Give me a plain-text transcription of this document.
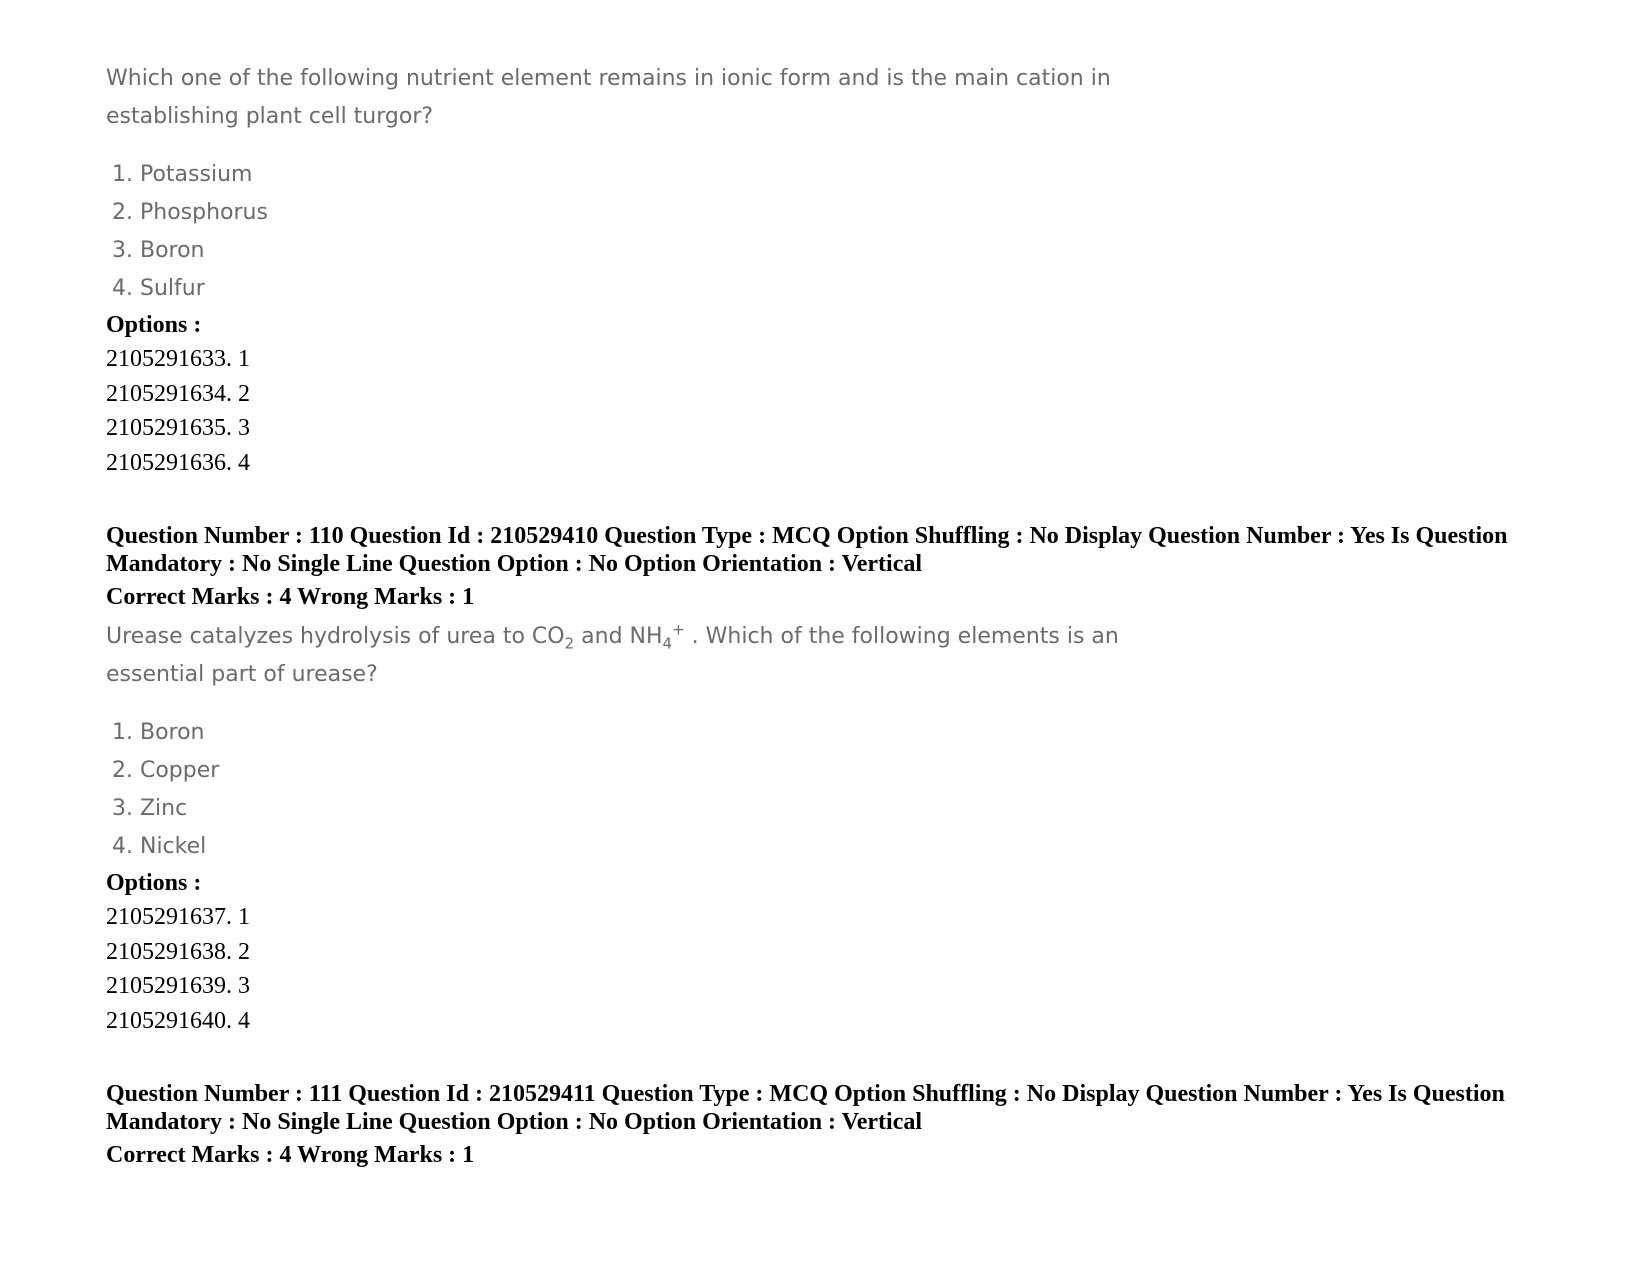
Which one of the following nutrient element remains in ionic form and is the main cation in establishing plant cell turgor?

1. Potassium
2. Phosphorus
3. Boron
4. Sulfur

Options :

2105291633. 1
2105291634. 2
2105291635. 3
2105291636. 4

Question Number : 110 Question Id : 210529410 Question Type : MCQ Option Shuffling : No Display Question Number : Yes Is Question Mandatory : No Single Line Question Option : No Option Orientation : Vertical

Correct Marks : 4 Wrong Marks : 1

Urease catalyzes hydrolysis of urea to $CO_2$ and $NH_4^+$ . Which of the following elements is an essential part of urease?

1. Boron
2. Copper
3. Zinc
4. Nickel

Options :

2105291637. 1
2105291638. 2
2105291639. 3
2105291640. 4

Question Number : 111 Question Id : 210529411 Question Type : MCQ Option Shuffling : No Display Question Number : Yes Is Question Mandatory : No Single Line Question Option : No Option Orientation : Vertical

Correct Marks : 4 Wrong Marks : 1
